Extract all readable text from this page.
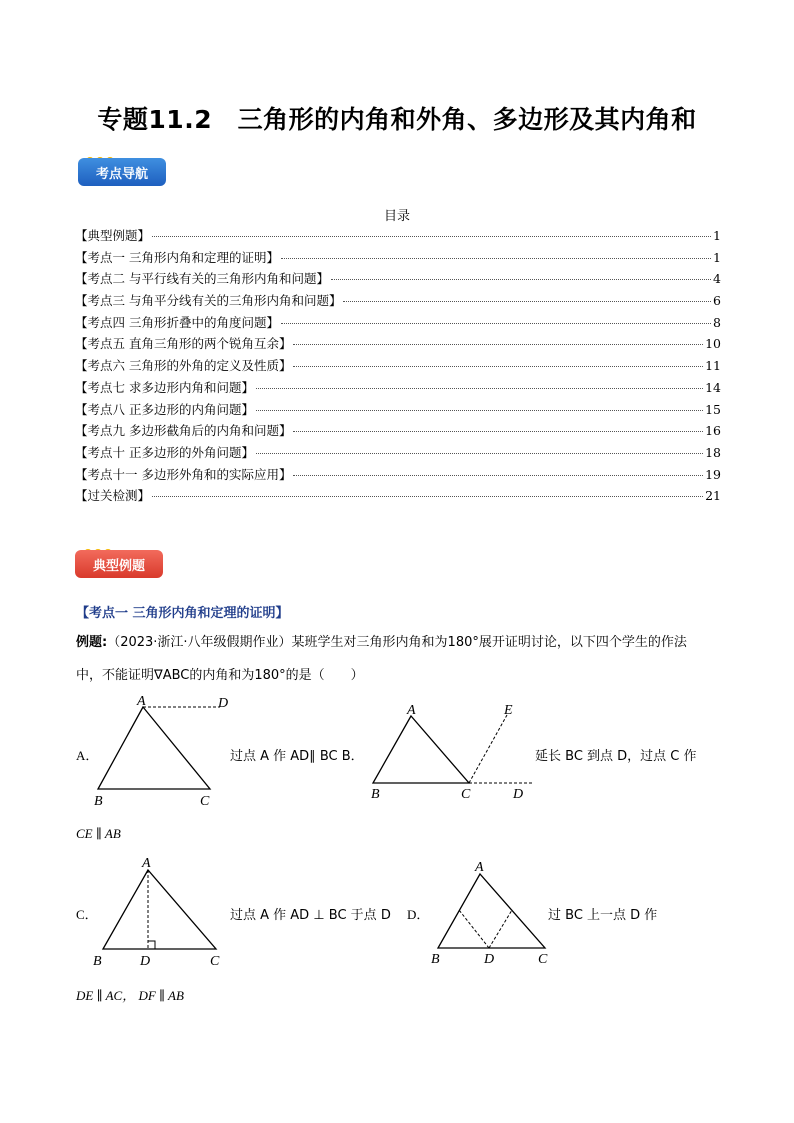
专题11.2　三角形的内角和外角、多边形及其内角和
考点导航
目录
【典型例题】	1
【考点一 三角形内角和定理的证明】	1
【考点二 与平行线有关的三角形内角和问题】	4
【考点三 与角平分线有关的三角形内角和问题】	6
【考点四 三角形折叠中的角度问题】	8
【考点五 直角三角形的两个锐角互余】	10
【考点六 三角形的外角的定义及性质】	11
【考点七 求多边形内角和问题】	14
【考点八 正多边形的内角问题】	15
【考点九 多边形截角后的内角和问题】	16
【考点十 正多边形的外角问题】	18
【考点十一 多边形外角和的实际应用】	19
【过关检测】	21
典型例题
【考点一 三角形内角和定理的证明】
例题:（2023·浙江·八年级假期作业）某班学生对三角形内角和为180°展开证明讨论，以下四个学生的作法
中，不能证明∇ABC的内角和为180°的是（　　）
A．
A	D
B	C
过点 A 作 AD∥ BC B．
A	E
B	C	D
延长 BC 到点 D，过点 C 作
CE ∥ AB
C．
A
B	D	C
过点 A 作 AD ⊥ BC 于点 D D．
A
B	D	C
过 BC 上一点 D 作
DE ∥ AC， DF ∥ AB
